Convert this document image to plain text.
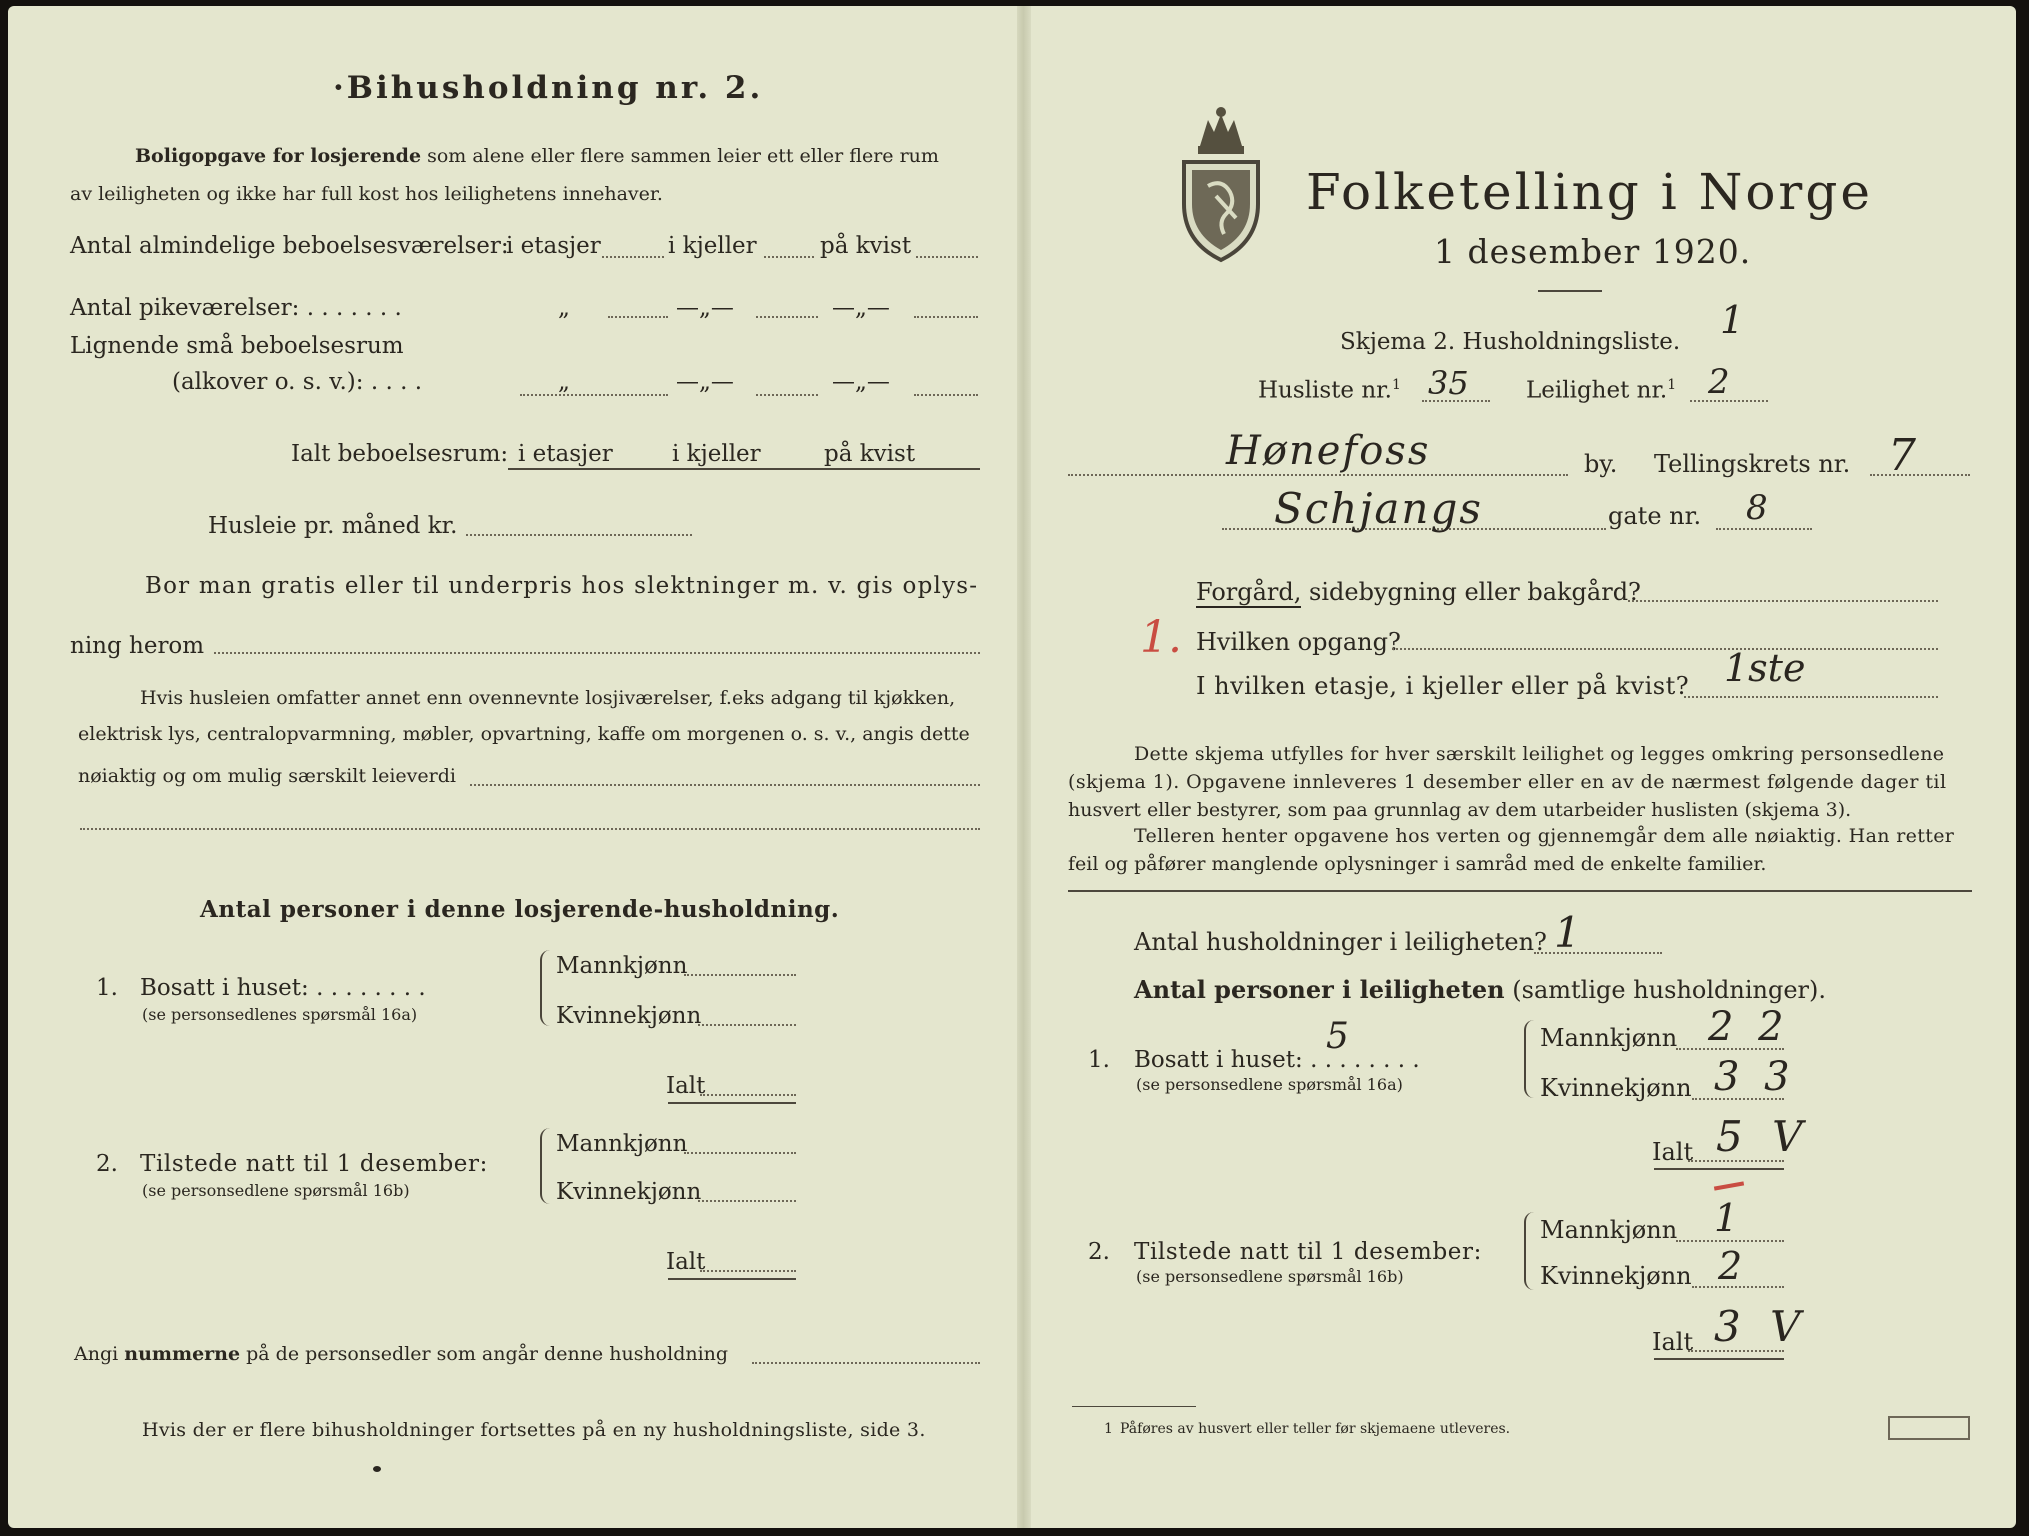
·Bihusholdning nr. 2.
Boligopgave for losjerende som alene eller flere sammen leier ett eller flere rum
av leiligheten og ikke har full kost hos leilighetens innehaver.
Antal almindelige beboelsesværelser:
i etasjer	i kjeller	på kvist
Antal pikeværelser: . . . . . . .	„	—„—	—„—
Lignende små beboelsesrum
(alkover o. s. v.): . . . .	„	—„—	—„—
Ialt beboelsesrum: i etasjer	i kjeller	på kvist
Husleie pr. måned kr.
Bor man gratis eller til underpris hos slektninger m. v. gis oplys-
ning herom
Hvis husleien omfatter annet enn ovennevnte losjiværelser, f.eks adgang til kjøkken,
elektrisk lys, centralopvarmning, møbler, opvartning, kaffe om morgenen o. s. v., angis dette
nøiaktig og om mulig særskilt leieverdi
Antal personer i denne losjerende-husholdning.
1. Bosatt i huset: . . . . . . . .
(se personsedlenes spørsmål 16a)
Mannkjønn
Kvinnekjønn
Ialt
2. Tilstede natt til 1 desember:
(se personsedlene spørsmål 16b)
Mannkjønn
Kvinnekjønn
Ialt
Angi nummerne på de personsedler som angår denne husholdning
Hvis der er flere bihusholdninger fortsettes på en ny husholdningsliste, side 3.
Folketelling i Norge
1 desember 1920.
Skjema 2. Husholdningsliste. 1
Husliste nr.$^1$ 35 Leilighet nr.$^1$ 2
Hønefoss	by. Tellingskrets nr. 7
Schjangs	gate nr. 8
Forgård, sidebygning eller bakgård?
1. Hvilken opgang?
I hvilken etasje, i kjeller eller på kvist? 1ste
Dette skjema utfylles for hver særskilt leilighet og legges omkring personsedlene
(skjema 1). Opgavene innleveres 1 desember eller en av de nærmest følgende dager til
husvert eller bestyrer, som paa grunnlag av dem utarbeider huslisten (skjema 3).
Telleren henter opgavene hos verten og gjennemgår dem alle nøiaktig. Han retter
feil og påfører manglende oplysninger i samråd med de enkelte familier.
Antal husholdninger i leiligheten? 1
Antal personer i leiligheten (samtlige husholdninger).
1. Bosatt i huset: . . . . . . . .
5
(se personsedlene spørsmål 16a)
Mannkjønn 2 2
Kvinnekjønn 3 3
Ialt 5 V
2. Tilstede natt til 1 desember:
(se personsedlene spørsmål 16b)
Mannkjønn 1
Kvinnekjønn 2
Ialt 3 V
1 Påføres av husvert eller teller før skjemaene utleveres.
